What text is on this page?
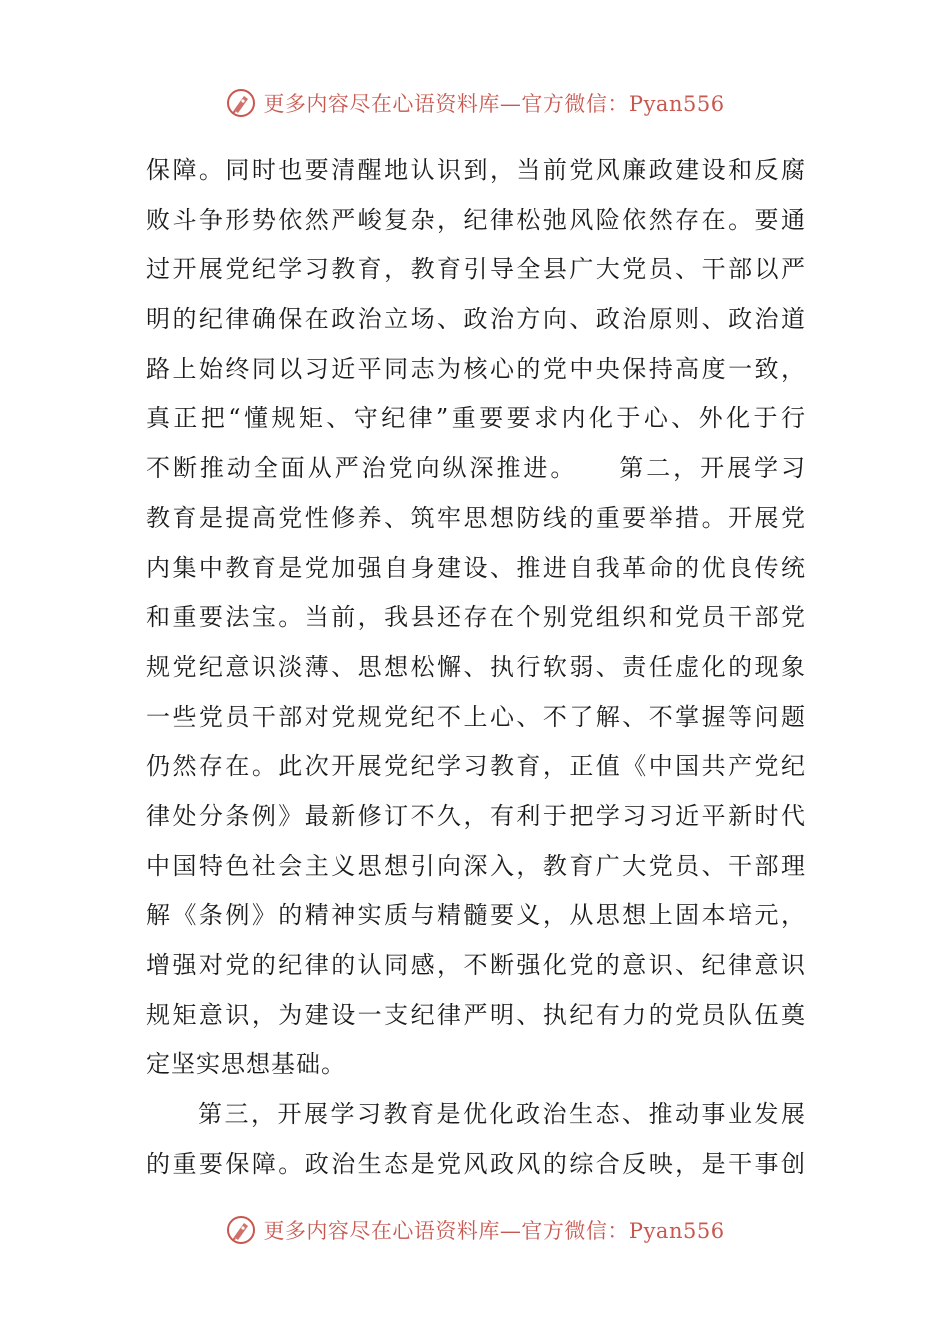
更多内容尽在心语资料库—官方微信：Pyan556
保障。同时也要清醒地认识到，当前党风廉政建设和反腐
败斗争形势依然严峻复杂，纪律松弛风险依然存在。要通
过开展党纪学习教育，教育引导全县广大党员、干部以严
明的纪律确保在政治立场、政治方向、政治原则、政治道
路上始终同以习近平同志为核心的党中央保持高度一致，
真正把“懂规矩、守纪律”重要要求内化于心、外化于行
不断推动全面从严治党向纵深推进。　　第二，开展学习
教育是提高党性修养、筑牢思想防线的重要举措。开展党
内集中教育是党加强自身建设、推进自我革命的优良传统
和重要法宝。当前，我县还存在个别党组织和党员干部党
规党纪意识淡薄、思想松懈、执行软弱、责任虚化的现象
一些党员干部对党规党纪不上心、不了解、不掌握等问题
仍然存在。此次开展党纪学习教育，正值《中国共产党纪
律处分条例》最新修订不久，有利于把学习习近平新时代
中国特色社会主义思想引向深入，教育广大党员、干部理
解《条例》的精神实质与精髓要义，从思想上固本培元，
增强对党的纪律的认同感，不断强化党的意识、纪律意识
规矩意识，为建设一支纪律严明、执纪有力的党员队伍奠
定坚实思想基础。
第三，开展学习教育是优化政治生态、推动事业发展
的重要保障。政治生态是党风政风的综合反映，是干事创
更多内容尽在心语资料库—官方微信：Pyan556
